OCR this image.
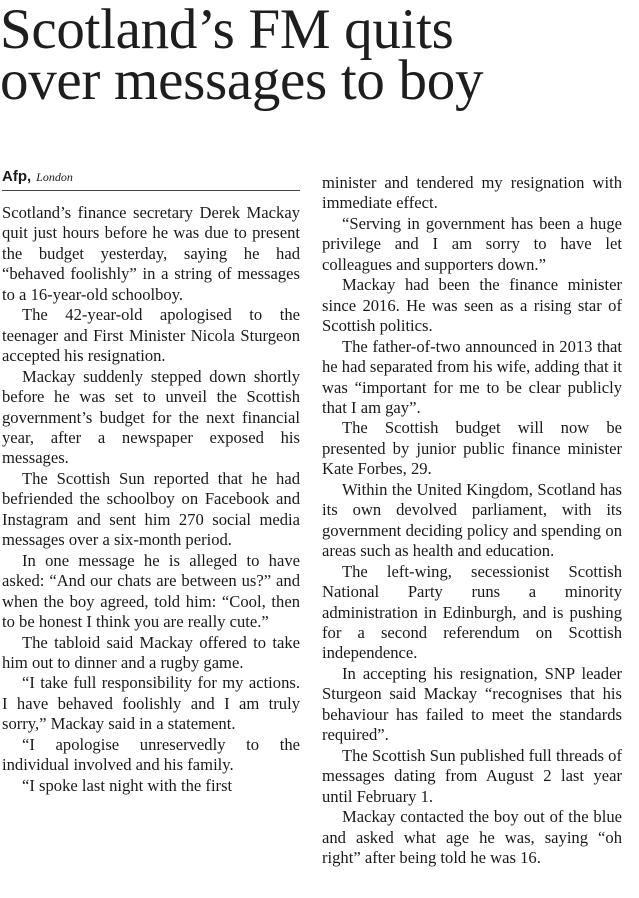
Scotland’s FM quits
over messages to boy
Afp, London

Scotland’s finance secretary Derek Mackay quit just hours before he was due to present the budget yesterday, saying he had “behaved foolishly” in a string of messages to a 16-year-old schoolboy.

The 42-year-old apologised to the teenager and First Minister Nicola Sturgeon accepted his resignation.

Mackay suddenly stepped down shortly before he was set to unveil the Scottish government’s budget for the next financial year, after a newspaper exposed his messages.

The Scottish Sun reported that he had befriended the schoolboy on Facebook and Instagram and sent him 270 social media messages over a six-month period.

In one message he is alleged to have asked: “And our chats are between us?” and when the boy agreed, told him: “Cool, then to be honest I think you are really cute.”

The tabloid said Mackay offered to take him out to dinner and a rugby game.

“I take full responsibility for my actions. I have behaved foolishly and I am truly sorry,” Mackay said in a statement.

“I apologise unreservedly to the individual involved and his family.

“I spoke last night with the first

minister and tendered my resignation with immediate effect.

“Serving in government has been a huge privilege and I am sorry to have let colleagues and supporters down.”

Mackay had been the finance minister since 2016. He was seen as a rising star of Scottish politics.

The father-of-two announced in 2013 that he had separated from his wife, adding that it was “important for me to be clear publicly that I am gay”.

The Scottish budget will now be presented by junior public finance minister Kate Forbes, 29.

Within the United Kingdom, Scotland has its own devolved parliament, with its government deciding policy and spending on areas such as health and education.

The left-wing, secessionist Scottish National Party runs a minority administration in Edinburgh, and is pushing for a second referendum on Scottish independence.

In accepting his resignation, SNP leader Sturgeon said Mackay “recognises that his behaviour has failed to meet the standards required”.

The Scottish Sun published full threads of messages dating from August 2 last year until February 1.

Mackay contacted the boy out of the blue and asked what age he was, saying “oh right” after being told he was 16.
